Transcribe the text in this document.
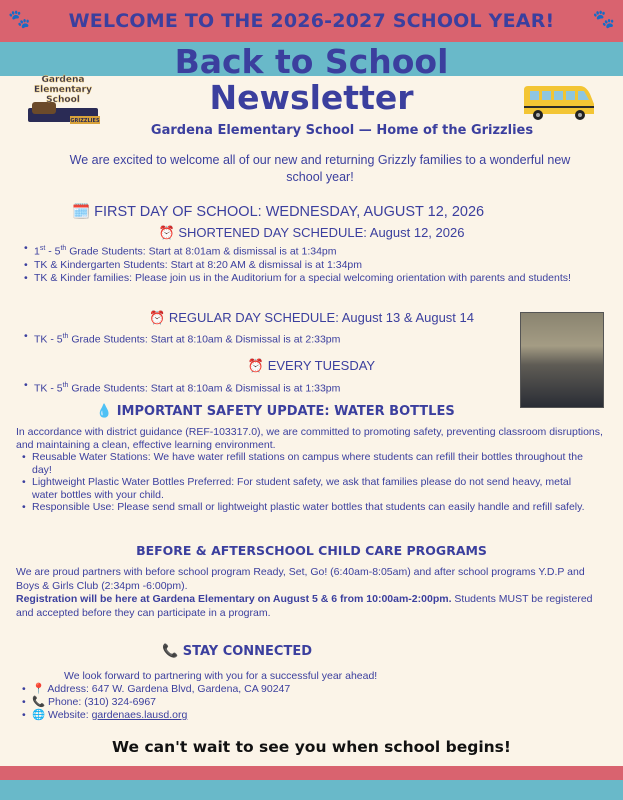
🐾 WELCOME TO THE 2026-2027 SCHOOL YEAR! 🐾
Back to School
Newsletter
Gardena
Elementary
School
GRIZZLIES
Gardena Elementary School — Home of the Grizzlies
We are excited to welcome all of our new and returning Grizzly families to a wonderful new school year!
🗓️ FIRST DAY OF SCHOOL: WEDNESDAY, AUGUST 12, 2026
⏰ SHORTENED DAY SCHEDULE: August 12, 2026
• 1st - 5th Grade Students: Start at 8:01am & dismissal is at 1:34pm
• TK & Kindergarten Students: Start at 8:20 AM & dismissal is at 1:34pm
• TK & Kinder families: Please join us in the Auditorium for a special welcoming orientation with parents and students!
⏰ REGULAR DAY SCHEDULE: August 13 & August 14
• TK - 5th Grade Students: Start at 8:10am & Dismissal is at 2:33pm
⏰ EVERY TUESDAY
• TK - 5th Grade Students: Start at 8:10am & Dismissal is at 1:33pm
💧 IMPORTANT SAFETY UPDATE: WATER BOTTLES
In accordance with district guidance (REF-103317.0), we are committed to promoting safety, preventing classroom disruptions, and maintaining a clean, effective learning environment.
• Reusable Water Stations: We have water refill stations on campus where students can refill their bottles throughout the day!
• Lightweight Plastic Water Bottles Preferred: For student safety, we ask that families please do not send heavy, metal water bottles with your child.
• Responsible Use: Please send small or lightweight plastic water bottles that students can easily handle and refill safely.
BEFORE & AFTERSCHOOL CHILD CARE PROGRAMS
We are proud partners with before school program Ready, Set, Go! (6:40am-8:05am) and after school programs Y.D.P and Boys & Girls Club (2:34pm -6:00pm).
Registration will be here at Gardena Elementary on August 5 & 6 from 10:00am-2:00pm. Students MUST be registered and accepted before they can participate in a program.
📞 STAY CONNECTED
We look forward to partnering with you for a successful year ahead!
• 📍 Address: 647 W. Gardena Blvd, Gardena, CA 90247
• 📞 Phone: (310) 324-6967
• 🌐 Website: gardenaes.lausd.org
We can't wait to see you when school begins!
